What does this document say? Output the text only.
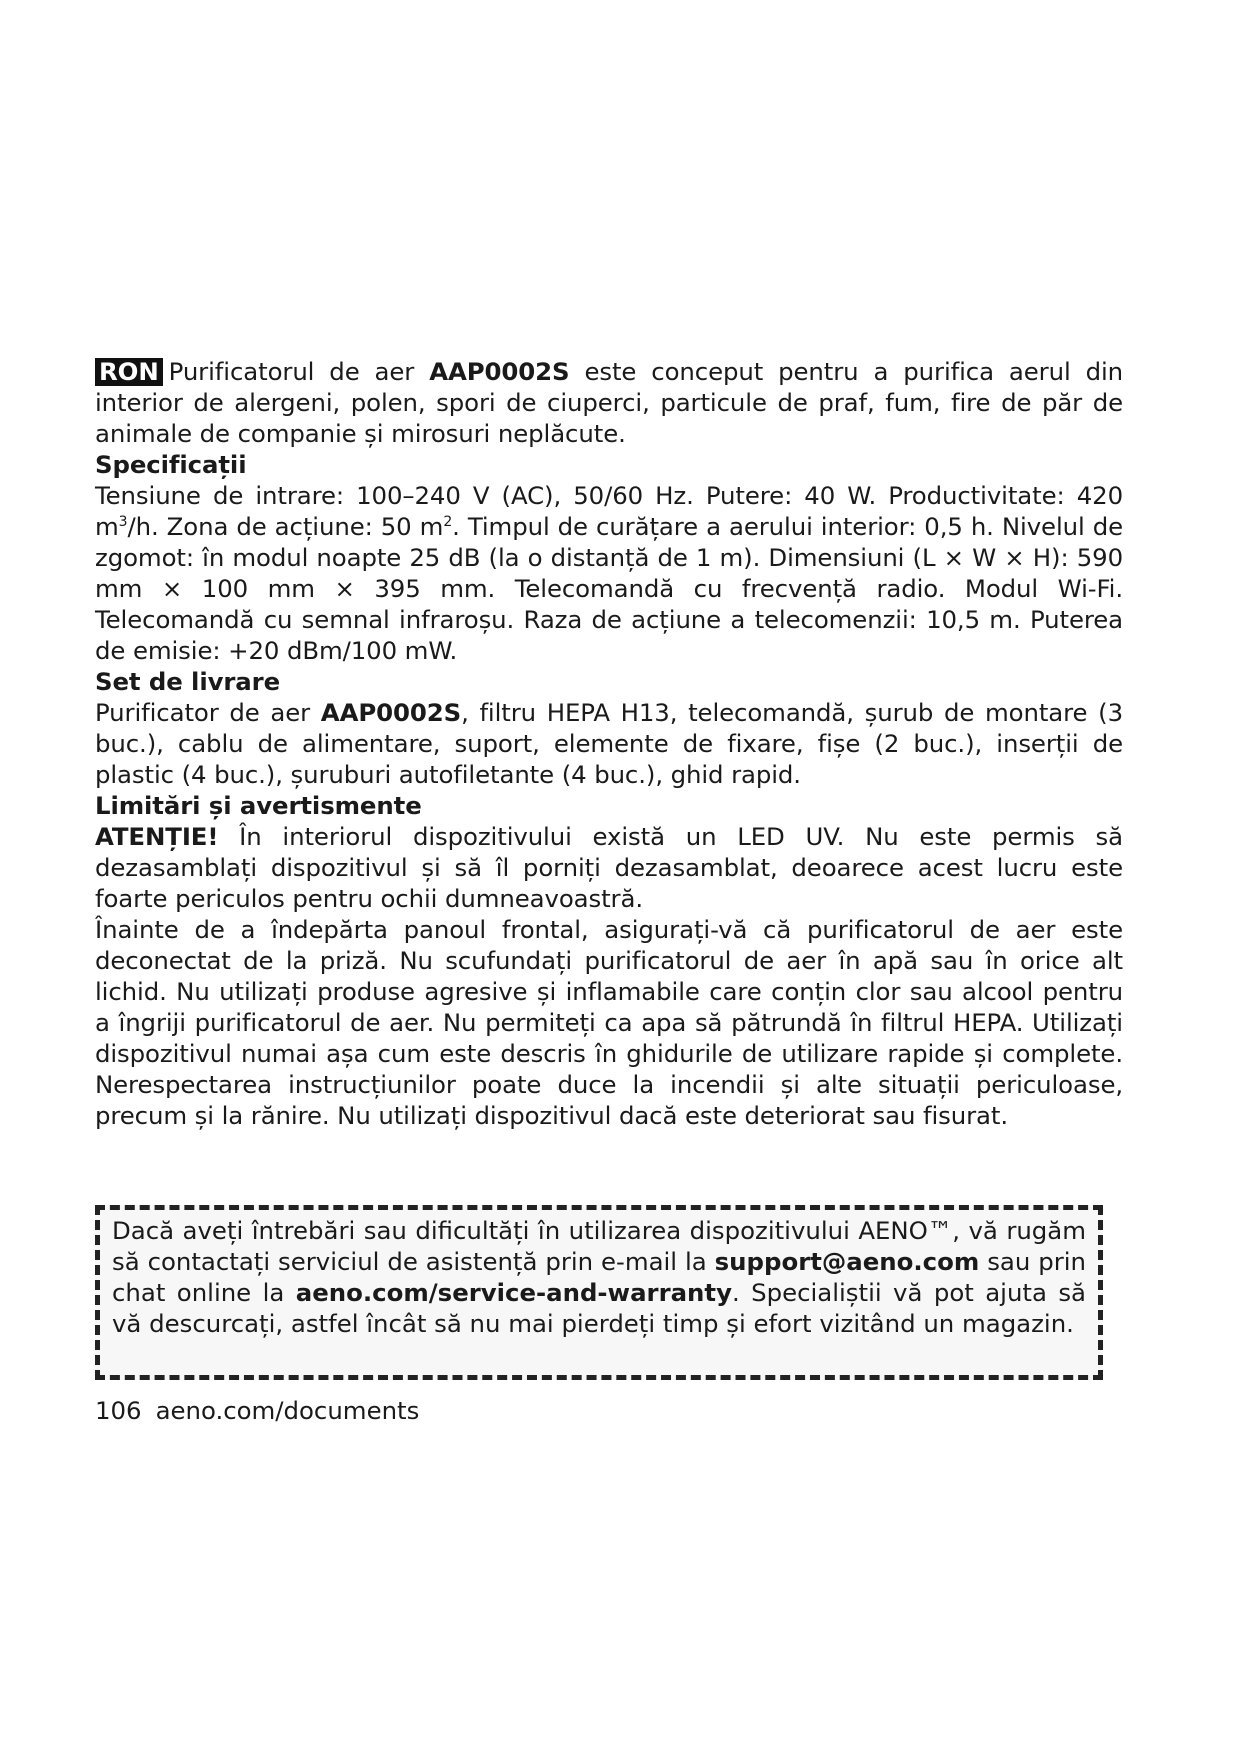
RON Purificatorul de aer AAP0002S este conceput pentru a purifica aerul din interior de alergeni, polen, spori de ciuperci, particule de praf, fum, fire de păr de animale de companie și mirosuri neplăcute.

Specificații

Tensiune de intrare: 100–240 V (AC), 50/60 Hz. Putere: 40 W. Productivitate: 420 $m^3/h$. Zona de acțiune: 50 $m^2$. Timpul de curățare a aerului interior: 0,5 h. Nivelul de zgomot: în modul noapte 25 dB (la o distanță de 1 m). Dimensiuni (L × W × H): 590 mm × 100 mm × 395 mm. Telecomandă cu frecvență radio. Modul Wi-Fi. Telecomandă cu semnal infraroșu. Raza de acțiune a telecomenzii: 10,5 m. Puterea de emisie: +20 dBm/100 mW.

Set de livrare

Purificator de aer AAP0002S, filtru HEPA H13, telecomandă, șurub de montare (3 buc.), cablu de alimentare, suport, elemente de fixare, fișe (2 buc.), inserții de plastic (4 buc.), șuruburi autofiletante (4 buc.), ghid rapid.

Limitări și avertismente

ATENȚIE! În interiorul dispozitivului există un LED UV. Nu este permis să dezasamblați dispozitivul și să îl porniți dezasamblat, deoarece acest lucru este foarte periculos pentru ochii dumneavoastră.

Înainte de a îndepărta panoul frontal, asigurați-vă că purificatorul de aer este deconectat de la priză. Nu scufundați purificatorul de aer în apă sau în orice alt lichid. Nu utilizați produse agresive și inflamabile care conțin clor sau alcool pentru a îngriji purificatorul de aer. Nu permiteți ca apa să pătrundă în filtrul HEPA. Utilizați dispozitivul numai așa cum este descris în ghidurile de utilizare rapide și complete. Nerespectarea instrucțiunilor poate duce la incendii și alte situații periculoase, precum și la rănire. Nu utilizați dispozitivul dacă este deteriorat sau fisurat.

Dacă aveți întrebări sau dificultăți în utilizarea dispozitivului AENO™, vă rugăm să contactați serviciul de asistență prin e-mail la support@aeno.com sau prin chat online la aeno.com/service-and-warranty. Specialiștii vă pot ajuta să vă descurcați, astfel încât să nu mai pierdeți timp și efort vizitând un magazin.
106 aeno.com/documents
